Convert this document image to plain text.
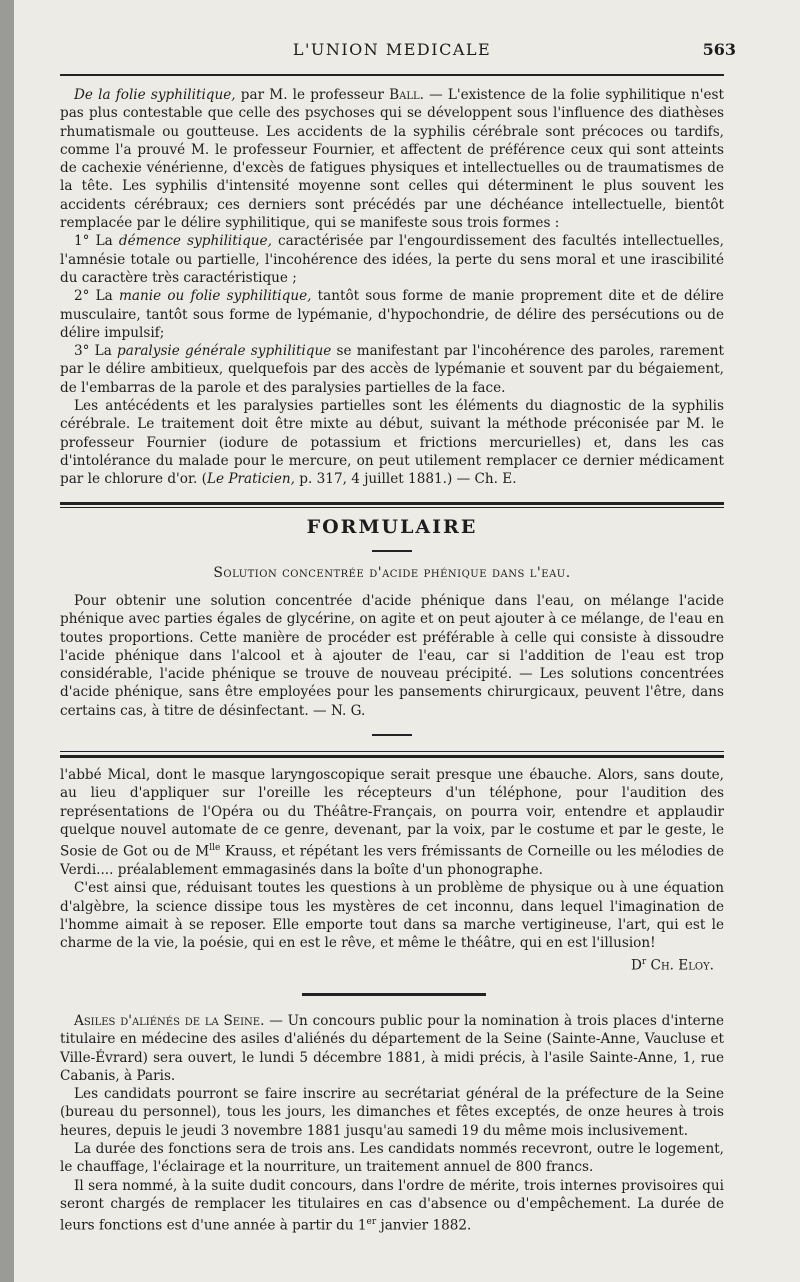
L'UNION MEDICALE	563

De la folie syphilitique, par M. le professeur Ball. — L'existence de la folie syphilitique n'est pas plus contestable que celle des psychoses qui se développent sous l'influence des diathèses rhumatismale ou goutteuse. Les accidents de la syphilis cérébrale sont précoces ou tardifs, comme l'a prouvé M. le professeur Fournier, et affectent de préférence ceux qui sont atteints de cachexie vénérienne, d'excès de fatigues physiques et intellectuelles ou de traumatismes de la tête. Les syphilis d'intensité moyenne sont celles qui déterminent le plus souvent les accidents cérébraux; ces derniers sont précédés par une déchéance intellectuelle, bientôt remplacée par le délire syphilitique, qui se manifeste sous trois formes :

1° La démence syphilitique, caractérisée par l'engourdissement des facultés intellectuelles, l'amnésie totale ou partielle, l'incohérence des idées, la perte du sens moral et une irascibilité du caractère très caractéristique ;

2° La manie ou folie syphilitique, tantôt sous forme de manie proprement dite et de délire musculaire, tantôt sous forme de lypémanie, d'hypochondrie, de délire des persécutions ou de délire impulsif;

3° La paralysie générale syphilitique se manifestant par l'incohérence des paroles, rarement par le délire ambitieux, quelquefois par des accès de lypémanie et souvent par du bégaiement, de l'embarras de la parole et des paralysies partielles de la face.

Les antécédents et les paralysies partielles sont les éléments du diagnostic de la syphilis cérébrale. Le traitement doit être mixte au début, suivant la méthode préconisée par M. le professeur Fournier (iodure de potassium et frictions mercurielles) et, dans les cas d'intolérance du malade pour le mercure, on peut utilement remplacer ce dernier médicament par le chlorure d'or. (Le Praticien, p. 317, 4 juillet 1881.) — Ch. E.

FORMULAIRE
Solution concentrée d'acide phénique dans l'eau.

Pour obtenir une solution concentrée d'acide phénique dans l'eau, on mélange l'acide phénique avec parties égales de glycérine, on agite et on peut ajouter à ce mélange, de l'eau en toutes proportions. Cette manière de procéder est préférable à celle qui consiste à dissoudre l'acide phénique dans l'alcool et à ajouter de l'eau, car si l'addition de l'eau est trop considérable, l'acide phénique se trouve de nouveau précipité. — Les solutions concentrées d'acide phénique, sans être employées pour les pansements chirurgicaux, peuvent l'être, dans certains cas, à titre de désinfectant. — N. G.

l'abbé Mical, dont le masque laryngoscopique serait presque une ébauche. Alors, sans doute, au lieu d'appliquer sur l'oreille les récepteurs d'un téléphone, pour l'audition des représentations de l'Opéra ou du Théâtre-Français, on pourra voir, entendre et applaudir quelque nouvel automate de ce genre, devenant, par la voix, par le costume et par le geste, le Sosie de Got ou de $M^{lle}$ Krauss, et répétant les vers frémissants de Corneille ou les mélodies de Verdi.... préalablement emmagasinés dans la boîte d'un phonographe.

C'est ainsi que, réduisant toutes les questions à un problème de physique ou à une équation d'algèbre, la science dissipe tous les mystères de cet inconnu, dans lequel l'imagination de l'homme aimait à se reposer. Elle emporte tout dans sa marche vertigineuse, l'art, qui est le charme de la vie, la poésie, qui en est le rêve, et même le théâtre, qui en est l'illusion!

$D^r$ Ch. Eloy.

Asiles d'aliénés de la Seine. — Un concours public pour la nomination à trois places d'interne titulaire en médecine des asiles d'aliénés du département de la Seine (Sainte-Anne, Vaucluse et Ville-Évrard) sera ouvert, le lundi 5 décembre 1881, à midi précis, à l'asile Sainte-Anne, 1, rue Cabanis, à Paris.

Les candidats pourront se faire inscrire au secrétariat général de la préfecture de la Seine (bureau du personnel), tous les jours, les dimanches et fêtes exceptés, de onze heures à trois heures, depuis le jeudi 3 novembre 1881 jusqu'au samedi 19 du même mois inclusivement.

La durée des fonctions sera de trois ans. Les candidats nommés recevront, outre le logement, le chauffage, l'éclairage et la nourriture, un traitement annuel de 800 francs.

Il sera nommé, à la suite dudit concours, dans l'ordre de mérite, trois internes provisoires qui seront chargés de remplacer les titulaires en cas d'absence ou d'empêchement. La durée de leurs fonctions est d'une année à partir du 1er janvier 1882.
